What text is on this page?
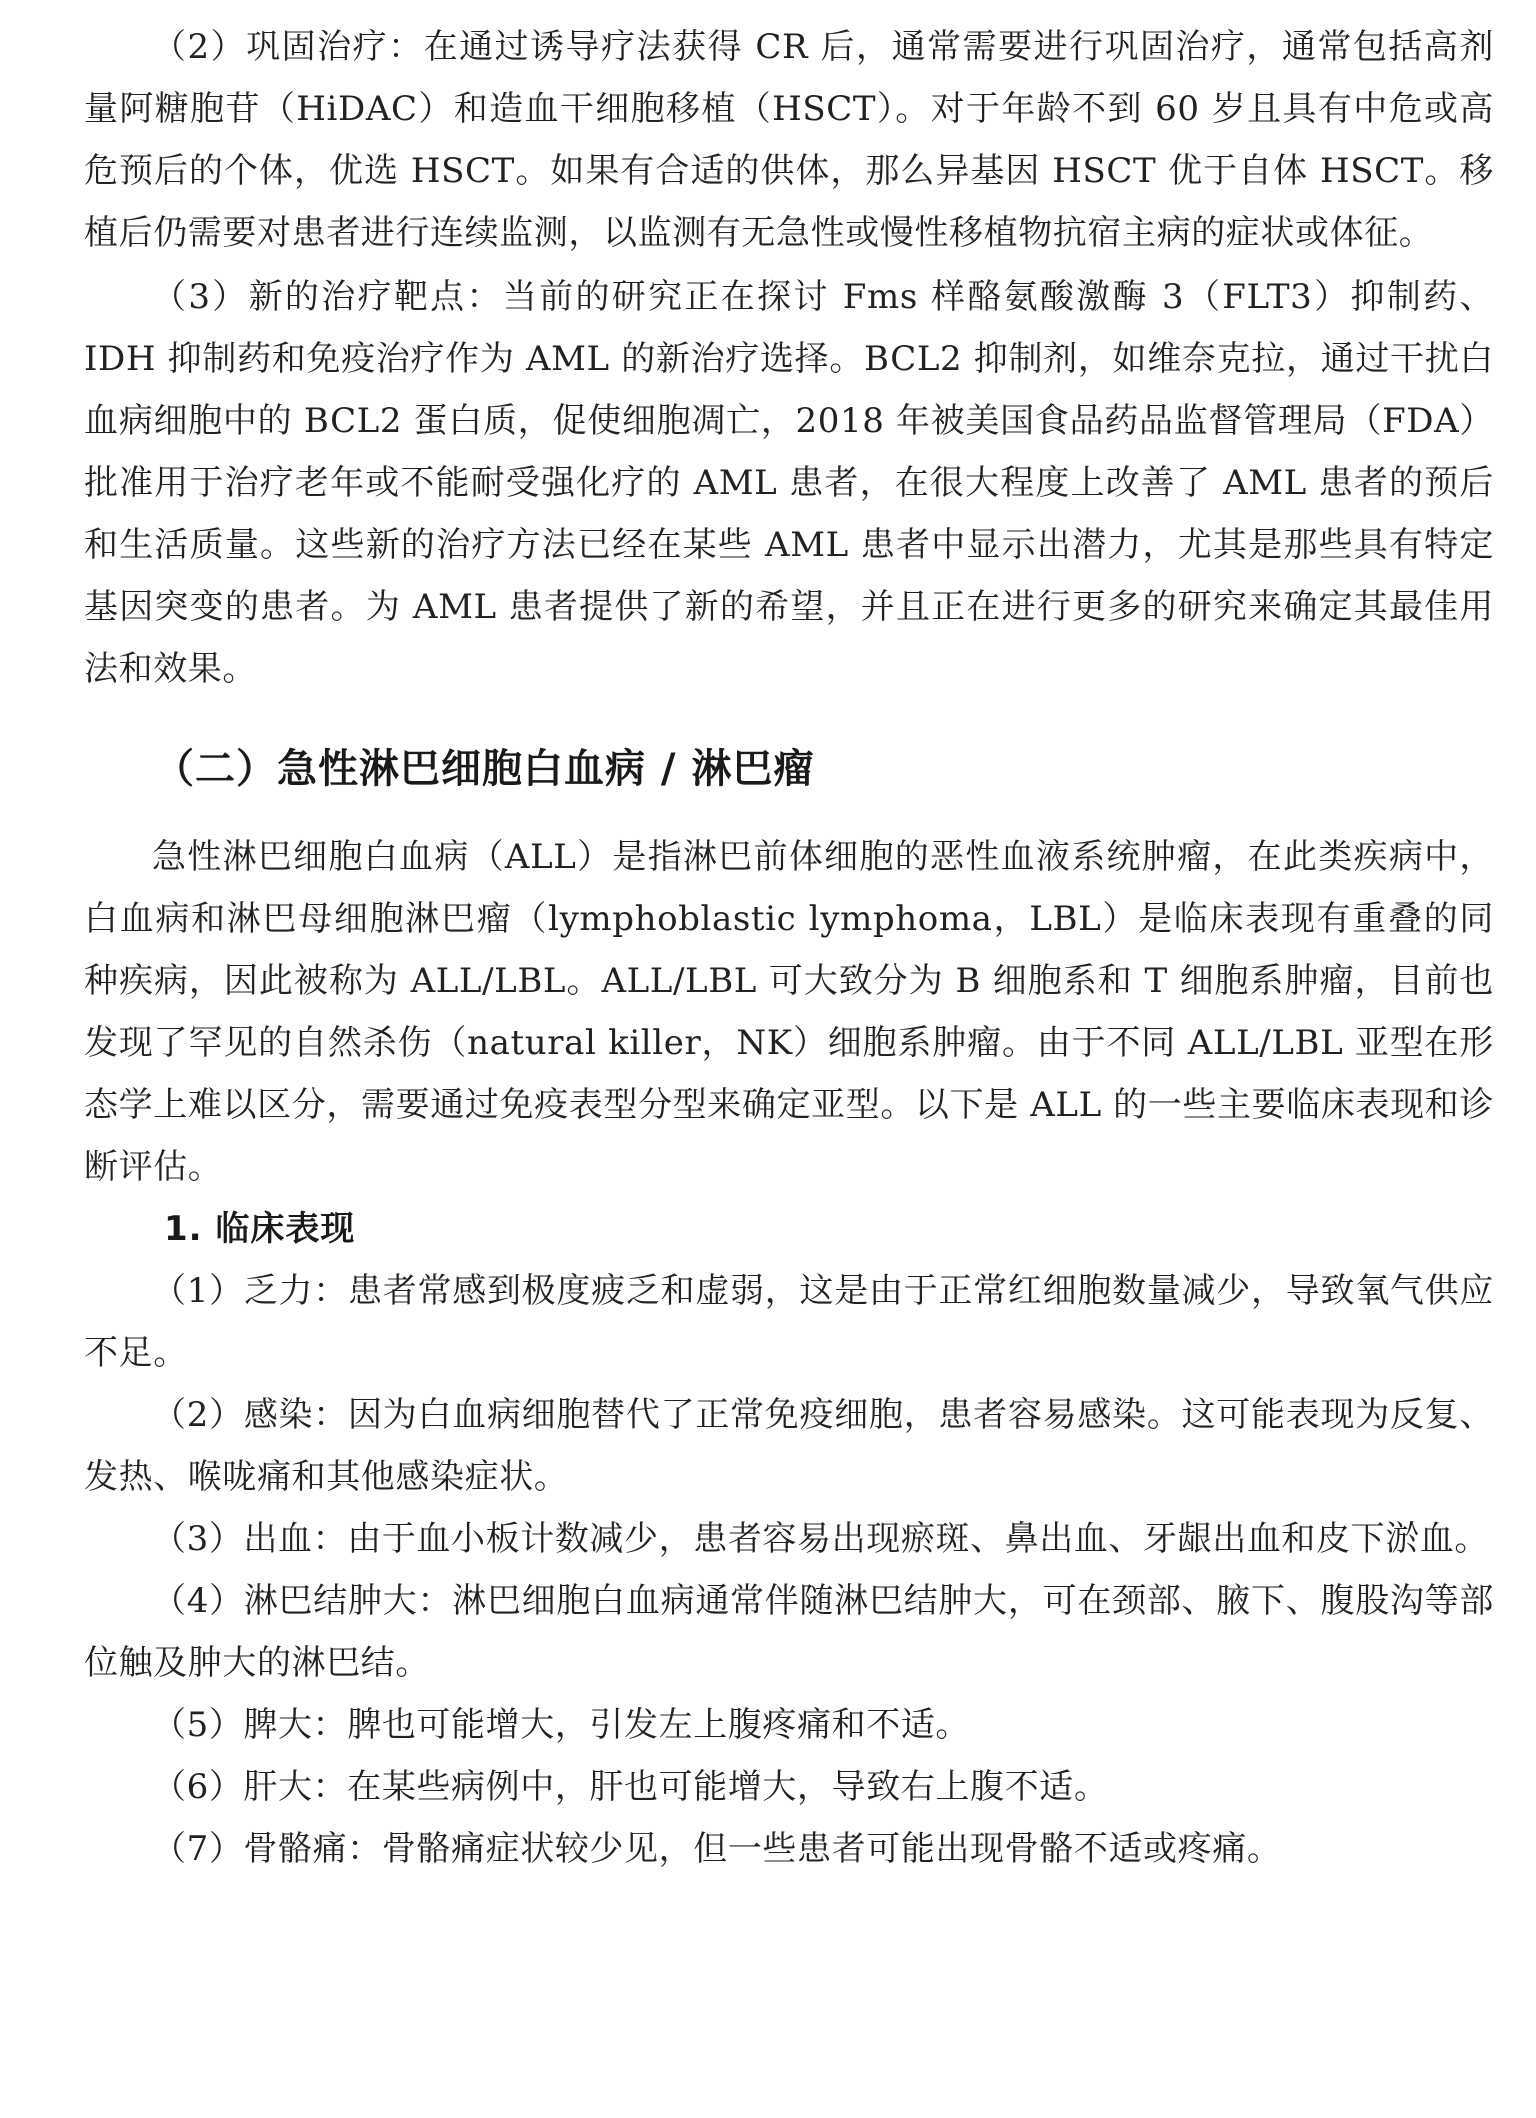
（2）巩固治疗：在通过诱导疗法获得 CR 后，通常需要进行巩固治疗，通常包括高剂量阿糖胞苷（HiDAC）和造血干细胞移植（HSCT）。对于年龄不到 60 岁且具有中危或高危预后的个体，优选 HSCT。如果有合适的供体，那么异基因 HSCT 优于自体 HSCT。移植后仍需要对患者进行连续监测，以监测有无急性或慢性移植物抗宿主病的症状或体征。

（3）新的治疗靶点：当前的研究正在探讨 Fms 样酪氨酸激酶 3（FLT3）抑制药、IDH 抑制药和免疫治疗作为 AML 的新治疗选择。BCL2 抑制剂，如维奈克拉，通过干扰白血病细胞中的 BCL2 蛋白质，促使细胞凋亡，2018 年被美国食品药品监督管理局（FDA）批准用于治疗老年或不能耐受强化疗的 AML 患者，在很大程度上改善了 AML 患者的预后和生活质量。这些新的治疗方法已经在某些 AML 患者中显示出潜力，尤其是那些具有特定基因突变的患者。为 AML 患者提供了新的希望，并且正在进行更多的研究来确定其最佳用法和效果。

（二）急性淋巴细胞白血病 / 淋巴瘤

急性淋巴细胞白血病（ALL）是指淋巴前体细胞的恶性血液系统肿瘤，在此类疾病中，白血病和淋巴母细胞淋巴瘤（lymphoblastic lymphoma，LBL）是临床表现有重叠的同种疾病，因此被称为 ALL/LBL。ALL/LBL 可大致分为 B 细胞系和 T 细胞系肿瘤，目前也发现了罕见的自然杀伤（natural killer，NK）细胞系肿瘤。由于不同 ALL/LBL 亚型在形态学上难以区分，需要通过免疫表型分型来确定亚型。以下是 ALL 的一些主要临床表现和诊断评估。

1. 临床表现

（1）乏力：患者常感到极度疲乏和虚弱，这是由于正常红细胞数量减少，导致氧气供应不足。

（2）感染：因为白血病细胞替代了正常免疫细胞，患者容易感染。这可能表现为反复、发热、喉咙痛和其他感染症状。

（3）出血：由于血小板计数减少，患者容易出现瘀斑、鼻出血、牙龈出血和皮下淤血。

（4）淋巴结肿大：淋巴细胞白血病通常伴随淋巴结肿大，可在颈部、腋下、腹股沟等部位触及肿大的淋巴结。

（5）脾大：脾也可能增大，引发左上腹疼痛和不适。

（6）肝大：在某些病例中，肝也可能增大，导致右上腹不适。

（7）骨骼痛：骨骼痛症状较少见，但一些患者可能出现骨骼不适或疼痛。
